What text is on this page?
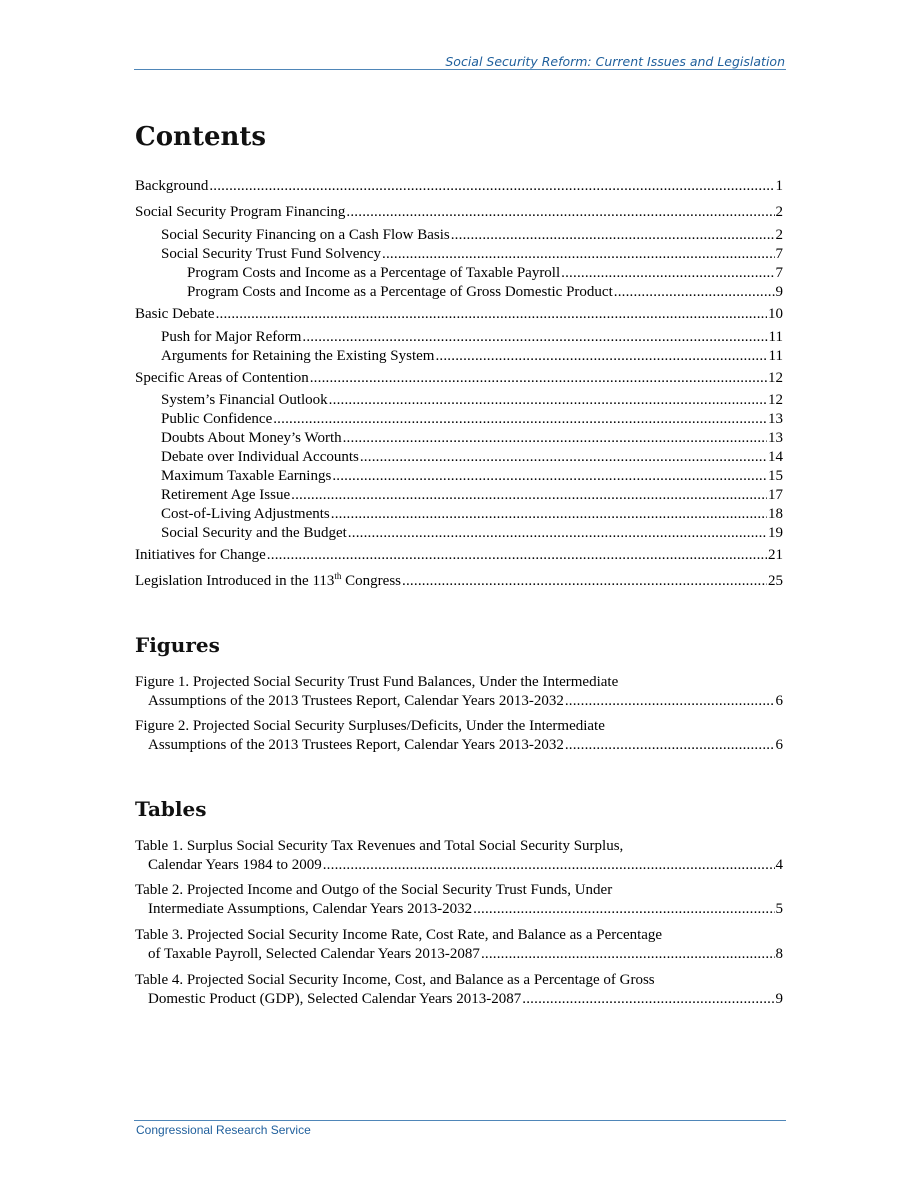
Social Security Reform: Current Issues and Legislation
Contents
Background .....	1
Social Security Program Financing .....	2
Social Security Financing on a Cash Flow Basis .....	2
Social Security Trust Fund Solvency .....	7
Program Costs and Income as a Percentage of Taxable Payroll .....	7
Program Costs and Income as a Percentage of Gross Domestic Product .....	9
Basic Debate .....	10
Push for Major Reform .....	11
Arguments for Retaining the Existing System .....	11
Specific Areas of Contention .....	12
System’s Financial Outlook .....	12
Public Confidence .....	13
Doubts About Money’s Worth .....	13
Debate over Individual Accounts .....	14
Maximum Taxable Earnings .....	15
Retirement Age Issue .....	17
Cost-of-Living Adjustments .....	18
Social Security and the Budget .....	19
Initiatives for Change .....	21
Legislation Introduced in the 113th Congress .....	25
Figures
Figure 1. Projected Social Security Trust Fund Balances, Under the Intermediate
Assumptions of the 2013 Trustees Report, Calendar Years 2013-2032 .....	6
Figure 2. Projected Social Security Surpluses/Deficits, Under the Intermediate
Assumptions of the 2013 Trustees Report, Calendar Years 2013-2032 .....	6
Tables
Table 1. Surplus Social Security Tax Revenues and Total Social Security Surplus,
Calendar Years 1984 to 2009 .....	4
Table 2. Projected Income and Outgo of the Social Security Trust Funds, Under
Intermediate Assumptions, Calendar Years 2013-2032 .....	5
Table 3. Projected Social Security Income Rate, Cost Rate, and Balance as a Percentage
of Taxable Payroll, Selected Calendar Years 2013-2087 .....	8
Table 4. Projected Social Security Income, Cost, and Balance as a Percentage of Gross
Domestic Product (GDP), Selected Calendar Years 2013-2087 .....	9
Congressional Research Service
